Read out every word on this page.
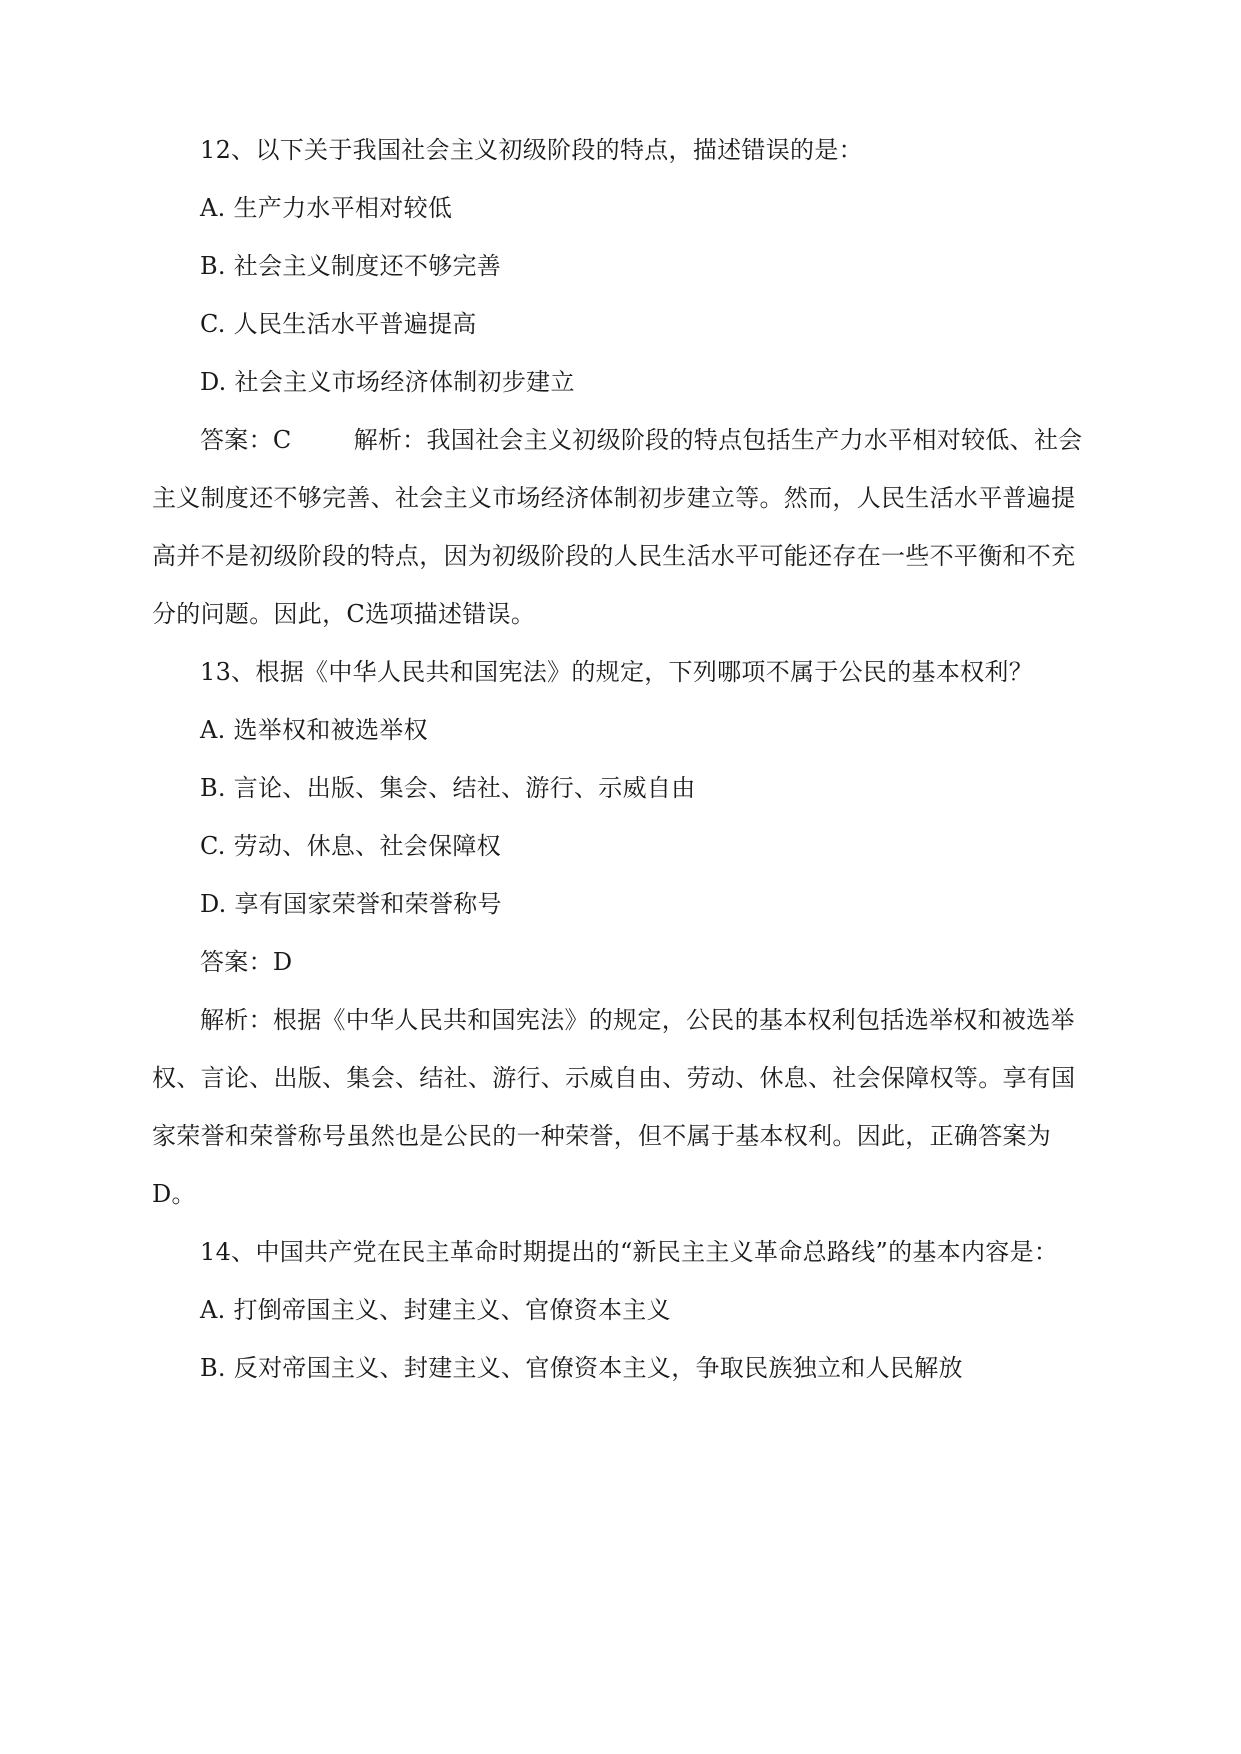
12、以下关于我国社会主义初级阶段的特点，描述错误的是：
A. 生产力水平相对较低
B. 社会主义制度还不够完善
C. 人民生活水平普遍提高
D. 社会主义市场经济体制初步建立
答案：C	解析：我国社会主义初级阶段的特点包括生产力水平相对较低、社会
主义制度还不够完善、社会主义市场经济体制初步建立等。然而，人民生活水平普遍提
高并不是初级阶段的特点，因为初级阶段的人民生活水平可能还存在一些不平衡和不充
分的问题。因此，C选项描述错误。
13、根据《中华人民共和国宪法》的规定，下列哪项不属于公民的基本权利？
A. 选举权和被选举权
B. 言论、出版、集会、结社、游行、示威自由
C. 劳动、休息、社会保障权
D. 享有国家荣誉和荣誉称号
答案：D
解析：根据《中华人民共和国宪法》的规定，公民的基本权利包括选举权和被选举
权、言论、出版、集会、结社、游行、示威自由、劳动、休息、社会保障权等。享有国
家荣誉和荣誉称号虽然也是公民的一种荣誉，但不属于基本权利。因此，正确答案为
D。
14、中国共产党在民主革命时期提出的“新民主主义革命总路线”的基本内容是：
A. 打倒帝国主义、封建主义、官僚资本主义
B. 反对帝国主义、封建主义、官僚资本主义，争取民族独立和人民解放
